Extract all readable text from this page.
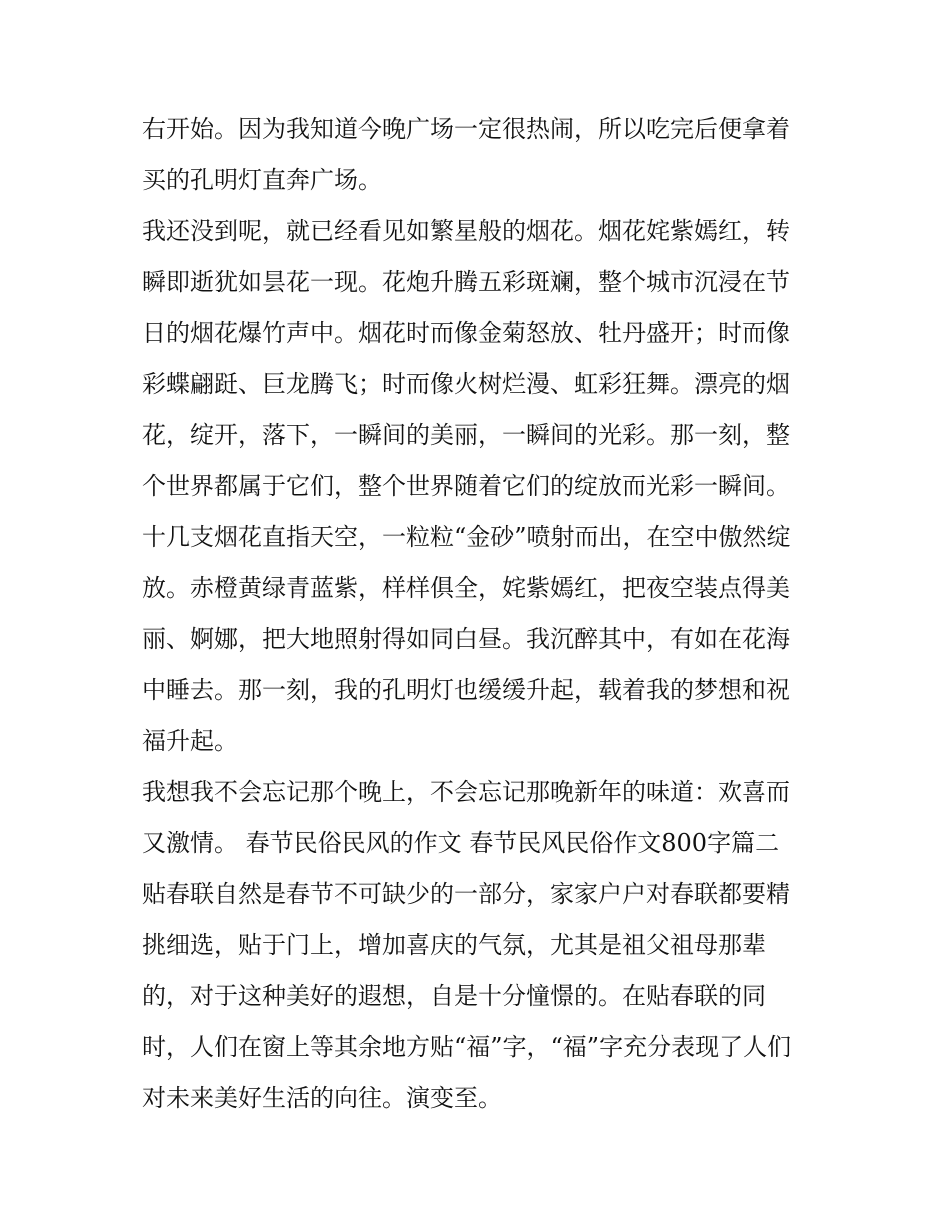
右开始。因为我知道今晚广场一定很热闹，所以吃完后便拿着
买的孔明灯直奔广场。
我还没到呢，就已经看见如繁星般的烟花。烟花姹紫嫣红，转
瞬即逝犹如昙花一现。花炮升腾五彩斑斓，整个城市沉浸在节
日的烟花爆竹声中。烟花时而像金菊怒放、牡丹盛开；时而像
彩蝶翩跹、巨龙腾飞；时而像火树烂漫、虹彩狂舞。漂亮的烟
花，绽开，落下，一瞬间的美丽，一瞬间的光彩。那一刻，整
个世界都属于它们，整个世界随着它们的绽放而光彩一瞬间。
十几支烟花直指天空，一粒粒“金砂”喷射而出，在空中傲然绽
放。赤橙黄绿青蓝紫，样样俱全，姹紫嫣红，把夜空装点得美
丽、婀娜，把大地照射得如同白昼。我沉醉其中，有如在花海
中睡去。那一刻，我的孔明灯也缓缓升起，载着我的梦想和祝
福升起。
我想我不会忘记那个晚上，不会忘记那晚新年的味道：欢喜而
又激情。 春节民俗民风的作文 春节民风民俗作文800字篇二
贴春联自然是春节不可缺少的一部分，家家户户对春联都要精
挑细选，贴于门上，增加喜庆的气氛，尤其是祖父祖母那辈
的，对于这种美好的遐想，自是十分憧憬的。在贴春联的同
时，人们在窗上等其余地方贴“福”字，“福”字充分表现了人们
对未来美好生活的向往。演变至。
